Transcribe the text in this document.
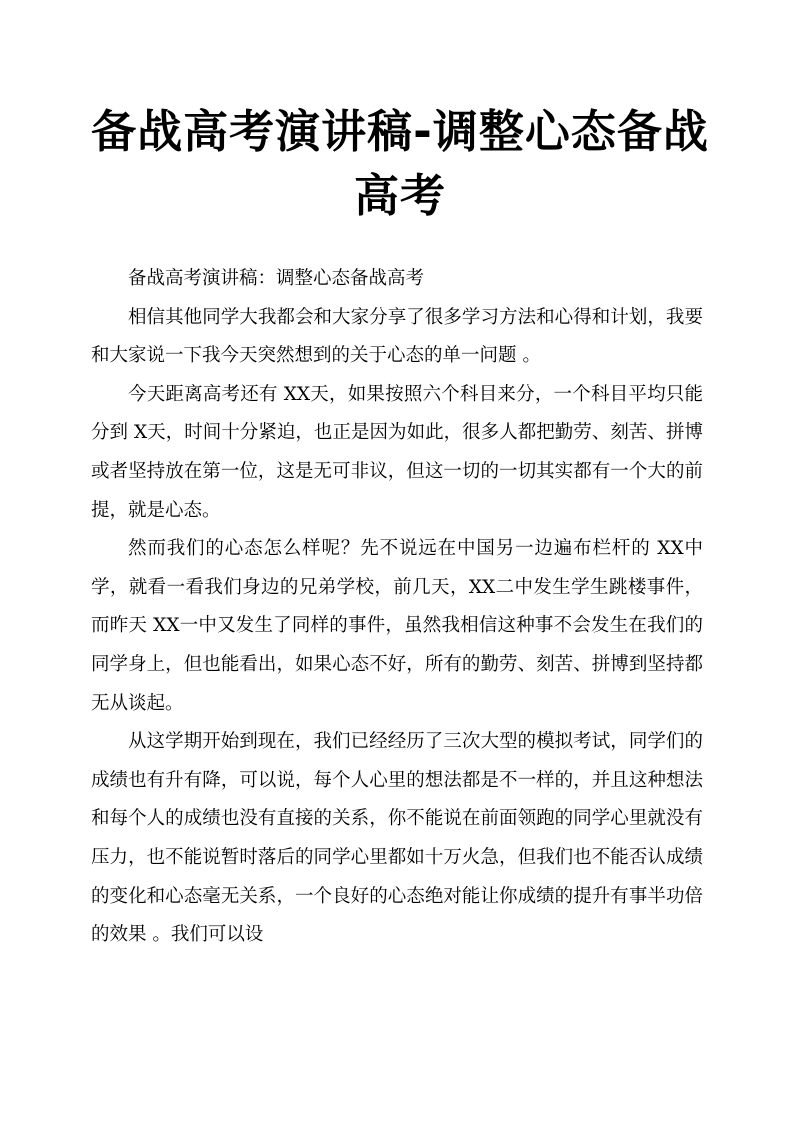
备战高考演讲稿-调整心态备战高考

备战高考演讲稿：调整心态备战高考

相信其他同学大我都会和大家分享了很多学习方法和心得和计划，我要和大家说一下我今天突然想到的关于心态的单一问题 。

今天距离高考还有 XX天，如果按照六个科目来分，一个科目平均只能分到 X天，时间十分紧迫，也正是因为如此，很多人都把勤劳、刻苦、拼博或者坚持放在第一位，这是无可非议，但这一切的一切其实都有一个大的前提，就是心态。

然而我们的心态怎么样呢？先不说远在中国另一边遍布栏杆的 XX中学，就看一看我们身边的兄弟学校，前几天，XX二中发生学生跳楼事件，而昨天 XX一中又发生了同样的事件，虽然我相信这种事不会发生在我们的同学身上，但也能看出，如果心态不好，所有的勤劳、刻苦、拼博到坚持都无从谈起。

从这学期开始到现在，我们已经经历了三次大型的模拟考试，同学们的成绩也有升有降，可以说，每个人心里的想法都是不一样的，并且这种想法和每个人的成绩也没有直接的关系，你不能说在前面领跑的同学心里就没有压力，也不能说暂时落后的同学心里都如十万火急，但我们也不能否认成绩的变化和心态毫无关系，一个良好的心态绝对能让你成绩的提升有事半功倍的效果 。我们可以设
